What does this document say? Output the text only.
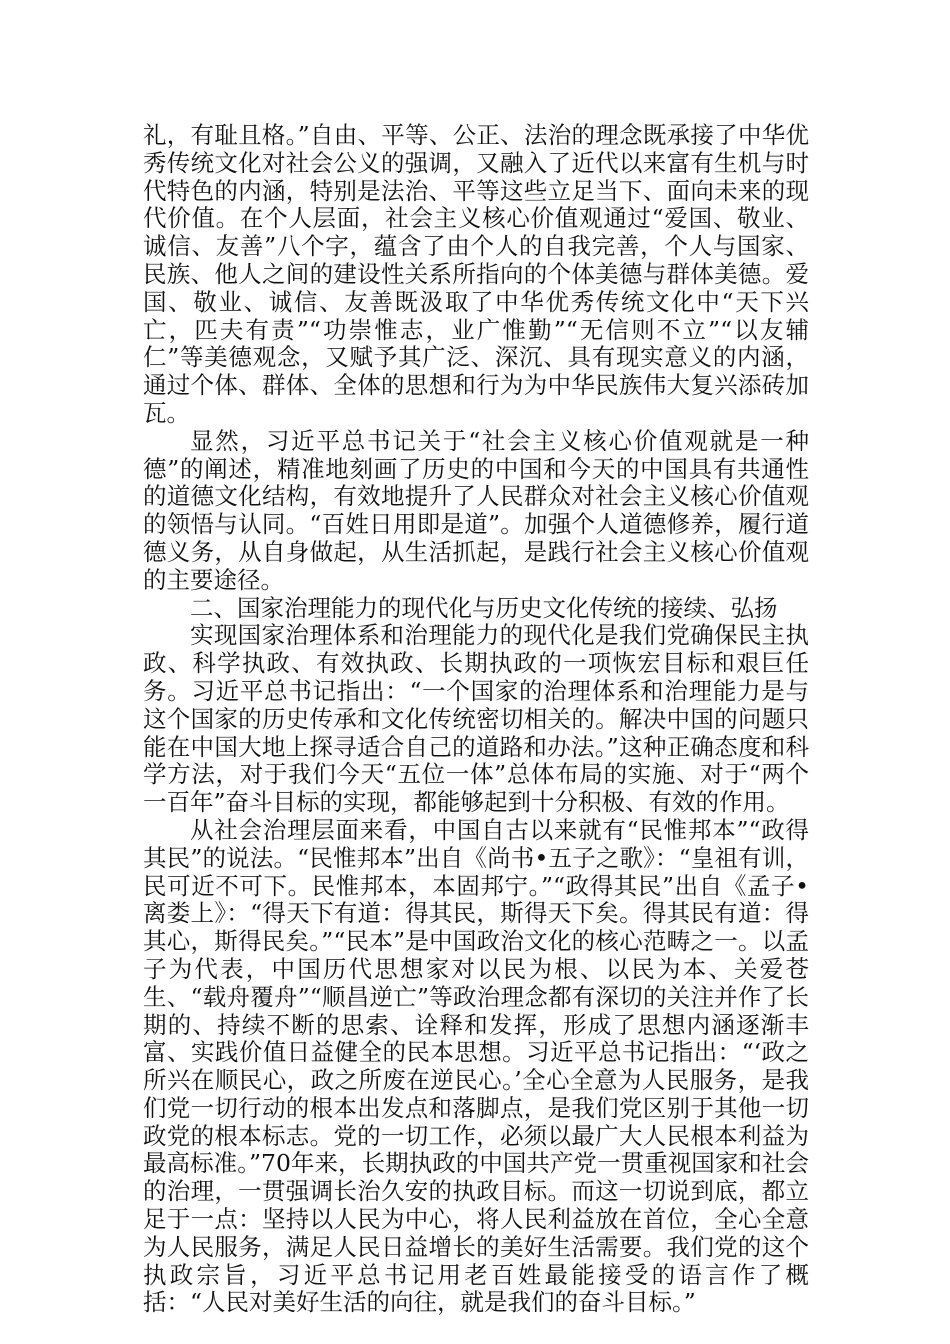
礼，有耻且格。”自由、平等、公正、法治的理念既承接了中华优秀传统文化对社会公义的强调，又融入了近代以来富有生机与时代特色的内涵，特别是法治、平等这些立足当下、面向未来的现代价值。在个人层面，社会主义核心价值观通过“爱国、敬业、诚信、友善”八个字，蕴含了由个人的自我完善，个人与国家、民族、他人之间的建设性关系所指向的个体美德与群体美德。爱国、敬业、诚信、友善既汲取了中华优秀传统文化中“天下兴亡，匹夫有责”“功崇惟志，业广惟勤”“无信则不立”“以友辅仁”等美德观念，又赋予其广泛、深沉、具有现实意义的内涵，通过个体、群体、全体的思想和行为为中华民族伟大复兴添砖加瓦。

显然，习近平总书记关于“社会主义核心价值观就是一种德”的阐述，精准地刻画了历史的中国和今天的中国具有共通性的道德文化结构，有效地提升了人民群众对社会主义核心价值观的领悟与认同。“百姓日用即是道”。加强个人道德修养，履行道德义务，从自身做起，从生活抓起，是践行社会主义核心价值观的主要途径。

二、国家治理能力的现代化与历史文化传统的接续、弘扬

实现国家治理体系和治理能力的现代化是我们党确保民主执政、科学执政、有效执政、长期执政的一项恢宏目标和艰巨任务。习近平总书记指出：“一个国家的治理体系和治理能力是与这个国家的历史传承和文化传统密切相关的。解决中国的问题只能在中国大地上探寻适合自己的道路和办法。”这种正确态度和科学方法，对于我们今天“五位一体”总体布局的实施、对于“两个一百年”奋斗目标的实现，都能够起到十分积极、有效的作用。

从社会治理层面来看，中国自古以来就有“民惟邦本”“政得其民”的说法。“民惟邦本”出自《尚书•五子之歌》：“皇祖有训，民可近不可下。民惟邦本，本固邦宁。”“政得其民”出自《孟子•离娄上》：“得天下有道：得其民，斯得天下矣。得其民有道：得其心，斯得民矣。”“民本”是中国政治文化的核心范畴之一。以孟子为代表，中国历代思想家对以民为根、以民为本、关爱苍生、“载舟覆舟”“顺昌逆亡”等政治理念都有深切的关注并作了长期的、持续不断的思索、诠释和发挥，形成了思想内涵逐渐丰富、实践价值日益健全的民本思想。习近平总书记指出：“‘政之所兴在顺民心，政之所废在逆民心。’全心全意为人民服务，是我们党一切行动的根本出发点和落脚点，是我们党区别于其他一切政党的根本标志。党的一切工作，必须以最广大人民根本利益为最高标准。”70年来，长期执政的中国共产党一贯重视国家和社会的治理，一贯强调长治久安的执政目标。而这一切说到底，都立足于一点：坚持以人民为中心，将人民利益放在首位，全心全意为人民服务，满足人民日益增长的美好生活需要。我们党的这个执政宗旨，习近平总书记用老百姓最能接受的语言作了概括：“人民对美好生活的向往，就是我们的奋斗目标。”
